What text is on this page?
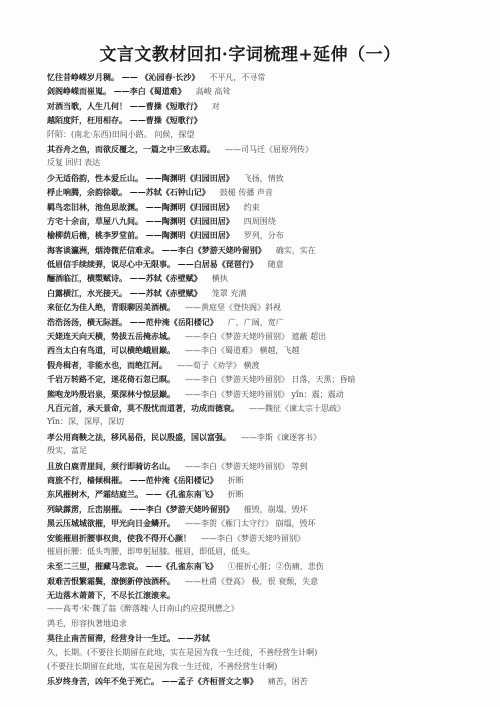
文言文教材回扣·字词梳理+延伸（一）
忆往昔峥嵘岁月稠。 —— 《沁园春·长沙》 不平凡，不寻常
剑阁峥嵘而崔嵬。 ——李白《蜀道难》 高峻 高耸
对酒当歌，人生几何！ ——曹操《短歌行》 对
越陌度阡，枉用相存。 ——曹操《短歌行》
阡陌：(南北·东西)田间小路。 问候，探望
其吞舟之鱼，而欲反覆之，一篇之中三致志焉。 ——司马迁《屈原列传》
反复 回归 表达
少无适俗韵，性本爱丘山。 ——陶渊明《归园田居》 飞扬，情致
桴止响腾，余韵徐歇。 ——苏轼《石钟山记》 鼓槌 传播 声音
羁鸟恋旧林，池鱼思故渊。 ——陶渊明《归园田居》 约束
方宅十余亩，草屋八九间。 ——陶渊明《归园田居》 四周围绕
榆柳荫后檐，桃李罗堂前。 ——陶渊明《归园田居》 罗列，分布
海客谈瀛洲，烟涛微茫信难求。 ——李白《梦游天姥吟留别》 确实，实在
低眉信手续续弹，说尽心中无限事。 ——白居易《琵琶行》 随意
酾酒临江，横槊赋诗。 ——苏轼《赤壁赋》 横执
白露横江，水光接天。 ——苏轼《赤壁赋》 笼罩 充满
来征亿为佳人绝，青眼聊因美酒横。 ——黄庭坚《登快阁》斜视
浩浩汤汤，横无际涯。 ——范仲淹《岳阳楼记》 广，广阔，宽广
天姥连天向天横，势拔五岳掩赤城。 ——李白《梦游天姥吟留别》 遮蔽 超出
西当太白有鸟道，可以横绝峨眉巅。 ——李白《蜀道难》 横越，飞越
假舟楫者，非能水也，而绝江河。 ——荀子《劝学》 横渡
千岩万转路不定，迷花倚石忽已暝。 ——李白《梦游天姥吟留别》 日落，天黑；昏暗
熊咆龙吟殷岩泉，栗深林兮惊层巅。 ——李白《梦游天姥吟留别》 yǐn：震；震动
凡百元首，承天景命，莫不殷忧而道著，功成而德衰。 ——魏征《谏太宗十思疏》
Yīn：深，深厚，深切
孝公用商鞅之法，移风易俗，民以殷盛，国以富强。 ——李斯《谏逐客书》
殷实，富足
且放白鹿青崖间，须行即骑访名山。 ——李白《梦游天姥吟留别》 等到
商旅不行，樯倾楫摧。 ——范仲淹《岳阳楼记》 折断
东风摧树木，严霜结庭兰。 ——《孔雀东南飞》 折断
列缺霹雳，丘峦崩摧。 ——李白《梦游天姥吟留别》 摧毁，崩塌，毁坏
黑云压城城欲摧，甲光向日金鳞开。 ——李贺《雁门太守行》 崩塌，毁坏
安能摧眉折腰事权贵，使我不得开心颜！ ——李白《梦游天姥吟留别》
摧眉折腰：低头弯腰，即卑躬屈膝。摧眉，即低眉，低头。
未至二三里，摧藏马悲哀。 ——《孔雀东南飞》 ①摧折心脏；②伤痛，悲伤
艰难苦恨繁霜鬓，潦倒新停浊酒杯。 ——杜甫《登高》 极，很 衰颓，失意
无边落木萧萧下，不尽长江滚滚来。
——高考·宋·魏了翁《醉落魄·人日南山约应提刑懋之》
鸿毛，形容执著地追求
莫往止南苦留滞，经营身计一生迁。 ——苏轼
久，长期。(不要往长期留在此地，实在是因为我一生迁徙，不善经营生计啊)
(不要往长期留在此地，实在是因为我一生迁徙，不善经营生计啊)
乐岁终身苦，凶年不免于死亡。 ——孟子《齐桓晋文之事》 痛苦，困苦
